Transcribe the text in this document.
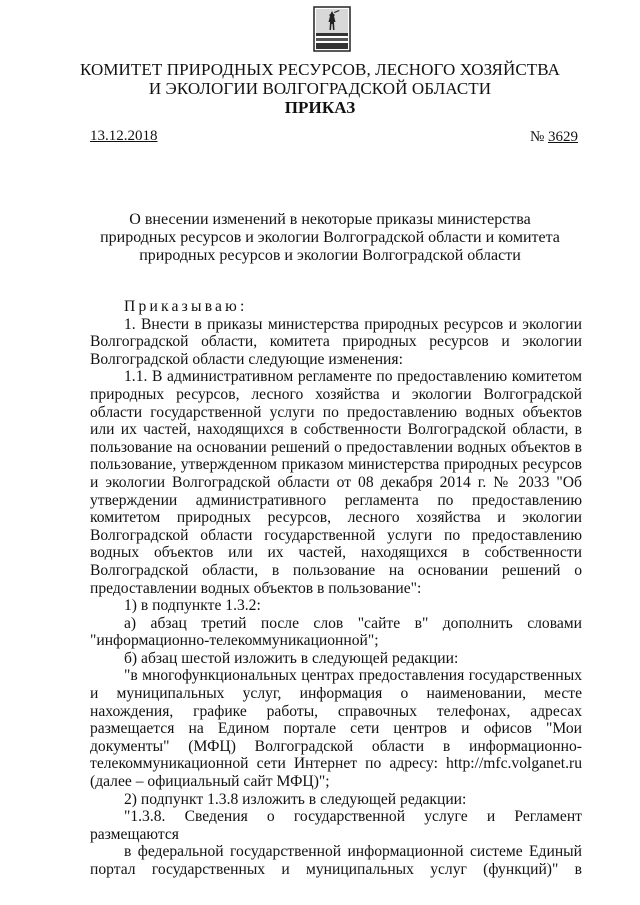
КОМИТЕТ ПРИРОДНЫХ РЕСУРСОВ, ЛЕСНОГО ХОЗЯЙСТВА
И ЭКОЛОГИИ ВОЛГОГРАДСКОЙ ОБЛАСТИ
ПРИКАЗ
13.12.2018	№ 3629
О внесении изменений в некоторые приказы министерства природных ресурсов и экологии Волгоградской области и комитета природных ресурсов и экологии Волгоградской области

Приказываю:

1. Внести в приказы министерства природных ресурсов и экологии Волгоградской области, комитета природных ресурсов и экологии Волгоградской области следующие изменения:

1.1. В административном регламенте по предоставлению комитетом природных ресурсов, лесного хозяйства и экологии Волгоградской области государственной услуги по предоставлению водных объектов или их частей, находящихся в собственности Волгоградской области, в пользование на основании решений о предоставлении водных объектов в пользование, утвержденном приказом министерства природных ресурсов и экологии Волгоградской области от 08 декабря 2014 г. № 2033 "Об утверждении административного регламента по предоставлению комитетом природных ресурсов, лесного хозяйства и экологии Волгоградской области государственной услуги по предоставлению водных объектов или их частей, находящихся в собственности Волгоградской области, в пользование на основании решений о предоставлении водных объектов в пользование":

1) в подпункте 1.3.2:

а) абзац третий после слов "сайте в" дополнить словами "информационно-телекоммуникационной";

б) абзац шестой изложить в следующей редакции:

"в многофункциональных центрах предоставления государственных и муниципальных услуг, информация о наименовании, месте нахождения, графике работы, справочных телефонах, адресах размещается на Едином портале сети центров и офисов "Мои документы" (МФЦ) Волгоградской области в информационно-телекоммуникационной сети Интернет по адресу: http://mfc.volganet.ru (далее – официальный сайт МФЦ)";

2) подпункт 1.3.8 изложить в следующей редакции:

"1.3.8. Сведения о государственной услуге и Регламент размещаются

в федеральной государственной информационной системе Единый портал государственных и муниципальных услуг (функций)" в
